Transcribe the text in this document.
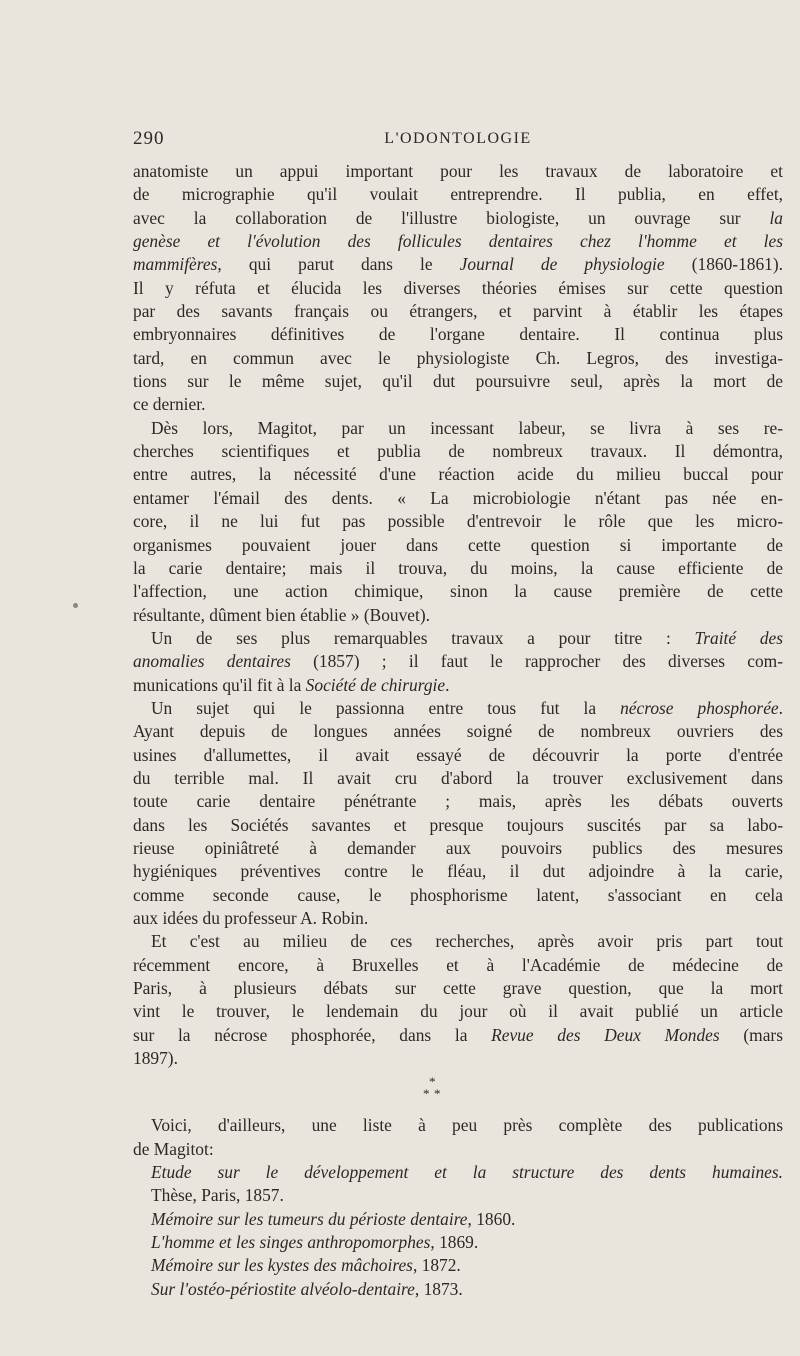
290	L'ODONTOLOGIE
anatomiste un appui important pour les travaux de laboratoire et
de micrographie qu'il voulait entreprendre. Il publia, en effet,
avec la collaboration de l'illustre biologiste, un ouvrage sur la
genèse et l'évolution des follicules dentaires chez l'homme et les
mammifères, qui parut dans le Journal de physiologie (1860-1861).
Il y réfuta et élucida les diverses théories émises sur cette question
par des savants français ou étrangers, et parvint à établir les étapes
embryonnaires définitives de l'organe dentaire. Il continua plus
tard, en commun avec le physiologiste Ch. Legros, des investiga-
tions sur le même sujet, qu'il dut poursuivre seul, après la mort de
ce dernier.
Dès lors, Magitot, par un incessant labeur, se livra à ses re-
cherches scientifiques et publia de nombreux travaux. Il démontra,
entre autres, la nécessité d'une réaction acide du milieu buccal pour
entamer l'émail des dents. « La microbiologie n'étant pas née en-
core, il ne lui fut pas possible d'entrevoir le rôle que les micro-
organismes pouvaient jouer dans cette question si importante de
la carie dentaire; mais il trouva, du moins, la cause efficiente de
l'affection, une action chimique, sinon la cause première de cette
résultante, dûment bien établie » (Bouvet).
Un de ses plus remarquables travaux a pour titre : Traité des
anomalies dentaires (1857) ; il faut le rapprocher des diverses com-
munications qu'il fit à la Société de chirurgie.
Un sujet qui le passionna entre tous fut la nécrose phosphorée.
Ayant depuis de longues années soigné de nombreux ouvriers des
usines d'allumettes, il avait essayé de découvrir la porte d'entrée
du terrible mal. Il avait cru d'abord la trouver exclusivement dans
toute carie dentaire pénétrante ; mais, après les débats ouverts
dans les Sociétés savantes et presque toujours suscités par sa labo-
rieuse opiniâtreté à demander aux pouvoirs publics des mesures
hygiéniques préventives contre le fléau, il dut adjoindre à la carie,
comme seconde cause, le phosphorisme latent, s'associant en cela
aux idées du professeur A. Robin.
Et c'est au milieu de ces recherches, après avoir pris part tout
récemment encore, à Bruxelles et à l'Académie de médecine de
Paris, à plusieurs débats sur cette grave question, que la mort
vint le trouver, le lendemain du jour où il avait publié un article
sur la nécrose phosphorée, dans la Revue des Deux Mondes (mars
1897).
*
* *
Voici, d'ailleurs, une liste à peu près complète des publications
de Magitot:
Etude sur le développement et la structure des dents humaines.
Thèse, Paris, 1857.
Mémoire sur les tumeurs du périoste dentaire, 1860.
L'homme et les singes anthropomorphes, 1869.
Mémoire sur les kystes des mâchoires, 1872.
Sur l'ostéo-périostite alvéolo-dentaire, 1873.
